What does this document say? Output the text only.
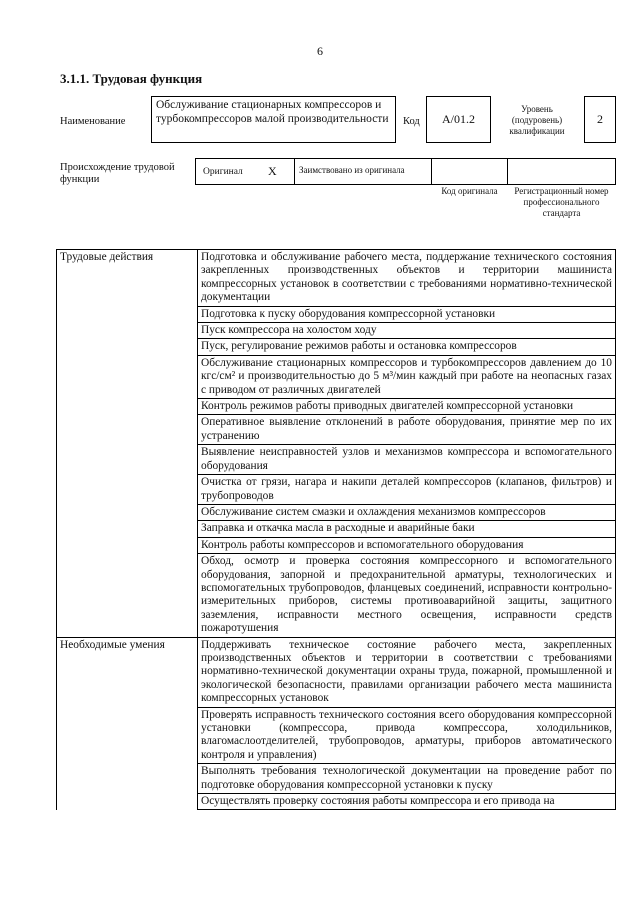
6
3.1.1. Трудовая функция
Наименование
Обслуживание стационарных компрессоров и турбокомпрессоров малой производительности	Код	А/01.2
Уровень (подуровень) квалификации
2
Происхождение трудовой функции
Оригинал X	Заимствовано из оригинала
Код оригинала	Регистрационный номер профессионального стандарта
Трудовые действия	Подготовка и обслуживание рабочего места, поддержание технического состояния закрепленных производственных объектов и территории машиниста компрессорных установок в соответствии с требованиями нормативно-технической документации
	Подготовка к пуску оборудования компрессорной установки
	Пуск компрессора на холостом ходу
	Пуск, регулирование режимов работы и остановка компрессоров
	Обслуживание стационарных компрессоров и турбокомпрессоров давлением до 10 кгс/см² и производительностью до 5 м³/мин каждый при работе на неопасных газах с приводом от различных двигателей
	Контроль режимов работы приводных двигателей компрессорной установки
	Оперативное выявление отклонений в работе оборудования, принятие мер по их устранению
	Выявление неисправностей узлов и механизмов компрессора и вспомогательного оборудования
	Очистка от грязи, нагара и накипи деталей компрессоров (клапанов, фильтров) и трубопроводов
	Обслуживание систем смазки и охлаждения механизмов компрессоров
	Заправка и откачка масла в расходные и аварийные баки
	Контроль работы компрессоров и вспомогательного оборудования
	Обход, осмотр и проверка состояния компрессорного и вспомогательного оборудования, запорной и предохранительной арматуры, технологических и вспомогательных трубопроводов, фланцевых соединений, исправности контрольно-измерительных приборов, системы противоаварийной защиты, защитного заземления, исправности местного освещения, исправности средств пожаротушения
Необходимые умения	Поддерживать техническое состояние рабочего места, закрепленных производственных объектов и территории в соответствии с требованиями нормативно-технической документации охраны труда, пожарной, промышленной и экологической безопасности, правилами организации рабочего места машиниста компрессорных установок
	Проверять исправность технического состояния всего оборудования компрессорной установки (компрессора, привода компрессора, холодильников, влагомаслоотделителей, трубопроводов, арматуры, приборов автоматического контроля и управления)
	Выполнять требования технологической документации на проведение работ по подготовке оборудования компрессорной установки к пуску
	Осуществлять проверку состояния работы компрессора и его привода на
